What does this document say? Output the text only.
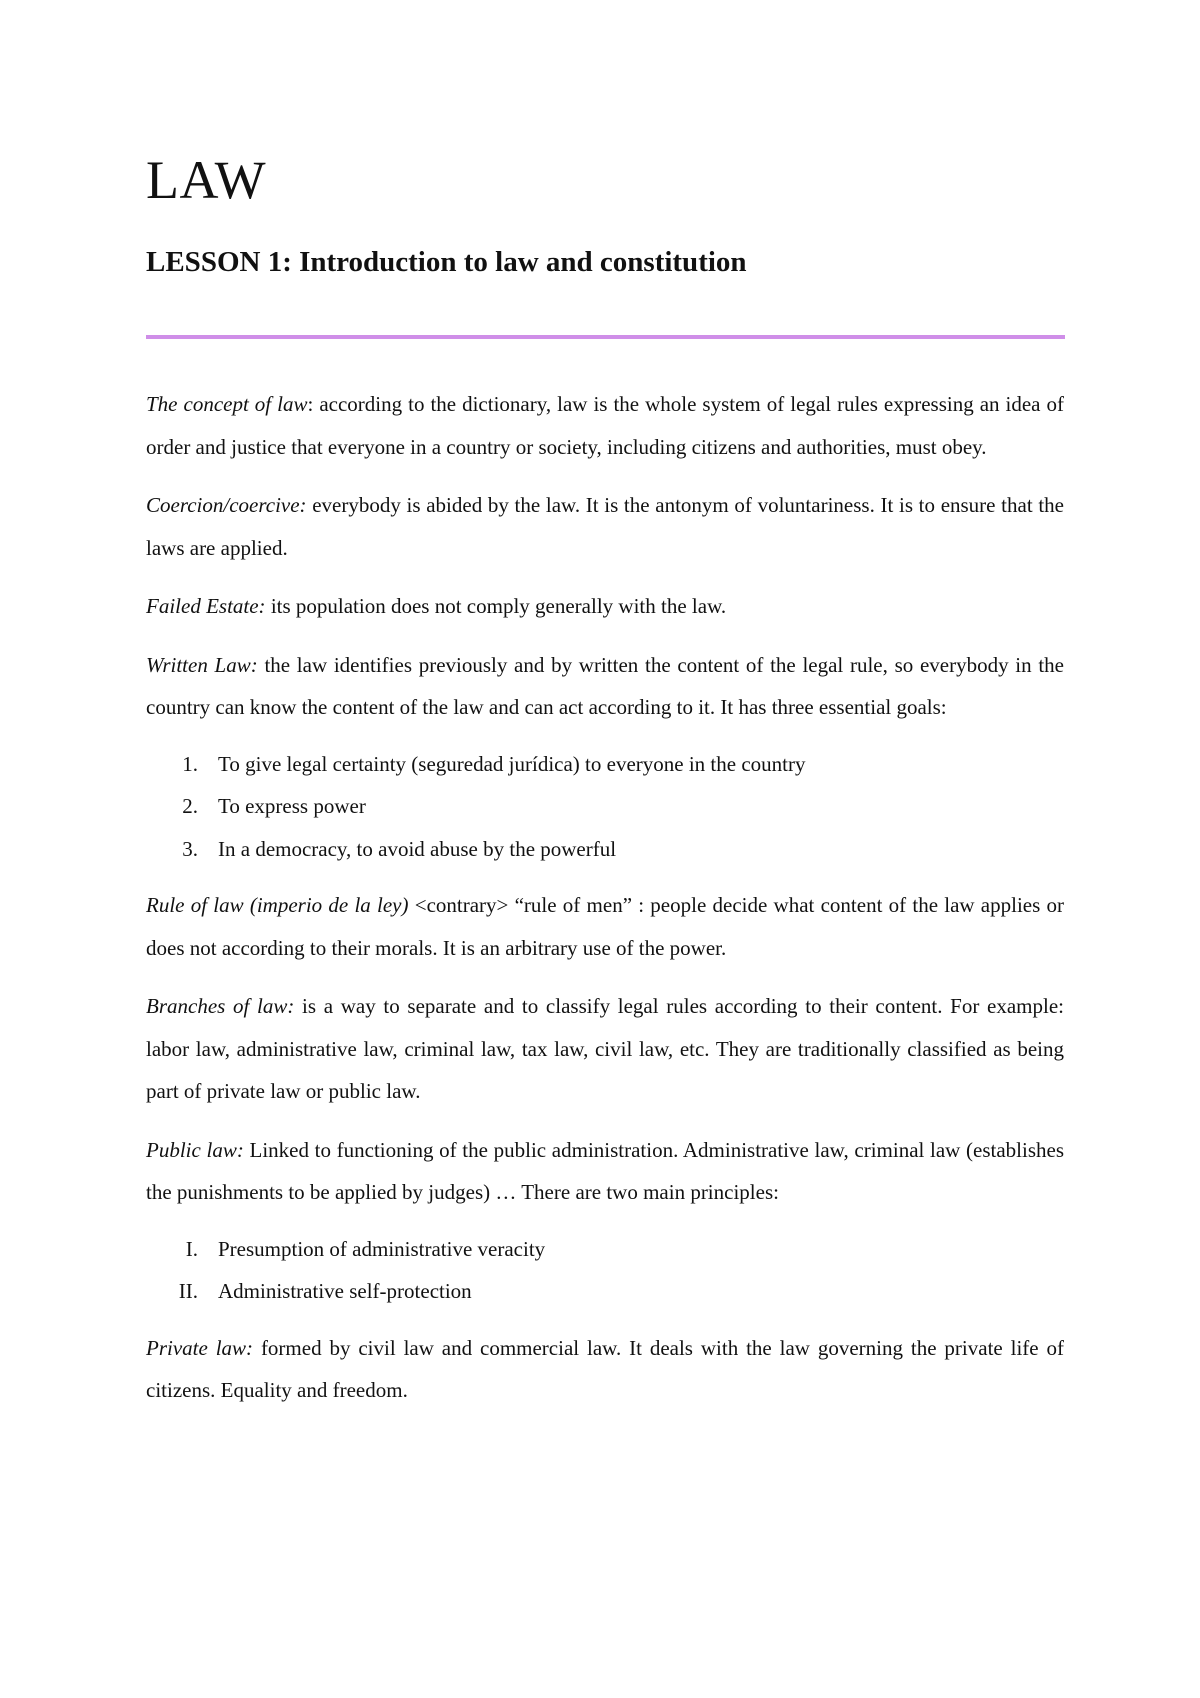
LAW
LESSON 1: Introduction to law and constitution

The concept of law: according to the dictionary, law is the whole system of legal rules expressing an idea of order and justice that everyone in a country or society, including citizens and authorities, must obey.

Coercion/coercive: everybody is abided by the law. It is the antonym of voluntariness. It is to ensure that the laws are applied.

Failed Estate: its population does not comply generally with the law.

Written Law: the law identifies previously and by written the content of the legal rule, so everybody in the country can know the content of the law and can act according to it. It has three essential goals:

1. To give legal certainty (seguredad jurídica) to everyone in the country
2. To express power
3. In a democracy, to avoid abuse by the powerful

Rule of law (imperio de la ley) <contrary> “rule of men” : people decide what content of the law applies or does not according to their morals. It is an arbitrary use of the power.

Branches of law: is a way to separate and to classify legal rules according to their content. For example: labor law, administrative law, criminal law, tax law, civil law, etc. They are traditionally classified as being part of private law or public law.

Public law: Linked to functioning of the public administration. Administrative law, criminal law (establishes the punishments to be applied by judges) … There are two main principles:

I. Presumption of administrative veracity
II. Administrative self-protection

Private law: formed by civil law and commercial law. It deals with the law governing the private life of citizens. Equality and freedom.
